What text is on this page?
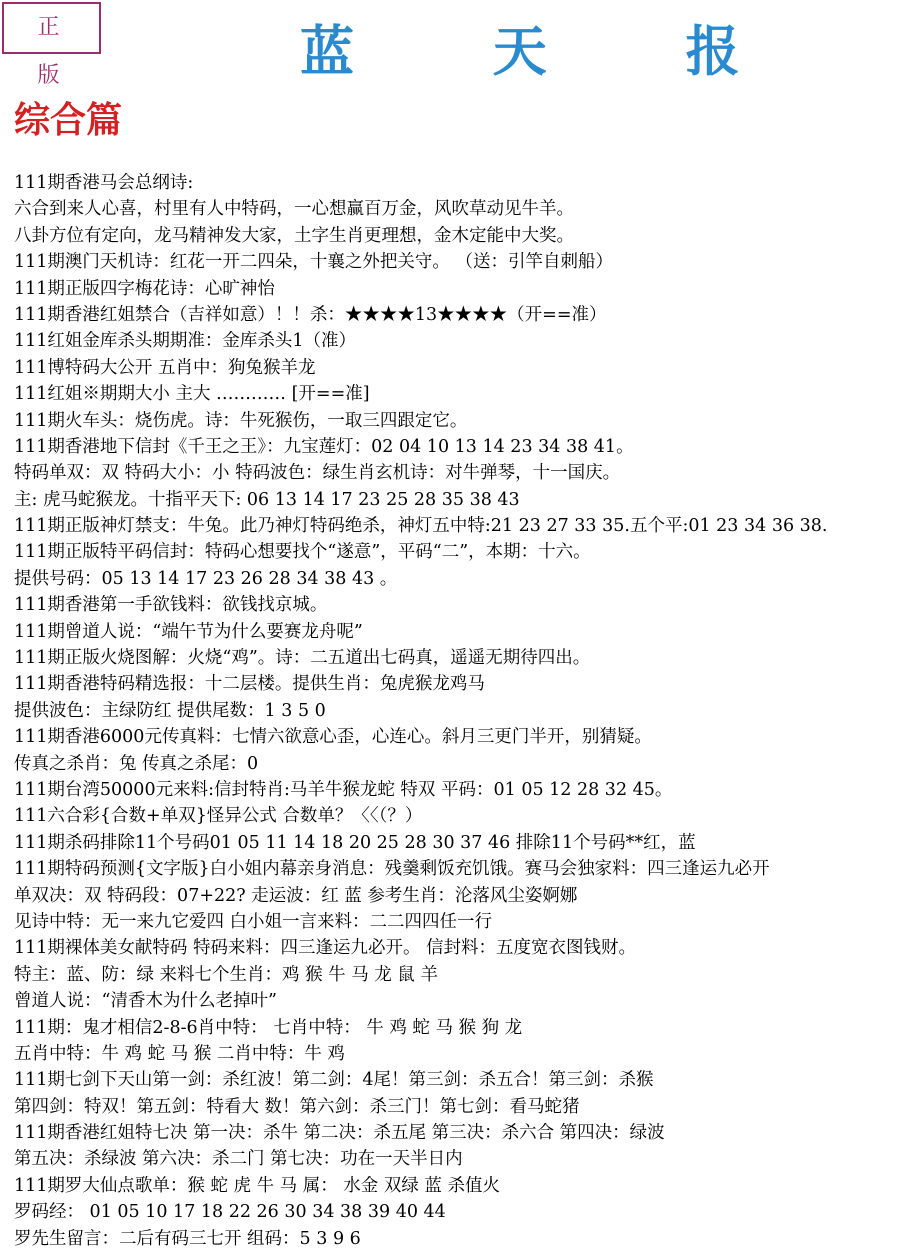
正 版	蓝 天 报
综合篇
111期香港马会总纲诗:
六合到来人心喜，村里有人中特码，一心想赢百万金，风吹草动见牛羊。
八卦方位有定向，龙马精神发大家，土字生肖更理想，金木定能中大奖。
111期澳门天机诗：红花一开二四朵，十襄之外把关守。 （送：引竿自刺船）
111期正版四字梅花诗：心旷神怡
111期香港红姐禁合（吉祥如意）！！杀：★★★★13★★★★（开==准）
111红姐金库杀头期期准：金库杀头1（准）
111博特码大公开 五肖中：狗兔猴羊龙
111红姐※期期大小 主大 ………… [开==准]
111期火车头：烧伤虎。诗：牛死猴伤，一取三四跟定它。
111期香港地下信封《千王之王》：九宝莲灯：02 04 10 13 14 23 34 38 41。
特码单双：双 特码大小：小 特码波色：绿生肖玄机诗：对牛弹琴，十一国庆。
主: 虎马蛇猴龙。十指平天下: 06 13 14 17 23 25 28 35 38 43
111期正版神灯禁支：牛兔。此乃神灯特码绝杀，神灯五中特:21 23 27 33 35.五个平:01 23 34 36 38.
111期正版特平码信封：特码心想要找个“遂意”，平码“二”，本期：十六。
提供号码：05 13 14 17 23 26 28 34 38 43 。
111期香港第一手欲钱料：欲钱找京城。
111期曾道人说：“端午节为什么要赛龙舟呢”
111期正版火烧图解：火烧“鸡”。诗：二五道出七码真，遥遥无期待四出。
111期香港特码精选报：十二层楼。提供生肖：兔虎猴龙鸡马
提供波色：主绿防红 提供尾数：1 3 5 0
111期香港6000元传真料：七情六欲意心歪，心连心。斜月三更门半开，别猜疑。
传真之杀肖：兔 传真之杀尾：0
111期台湾50000元来料:信封特肖:马羊牛猴龙蛇 特双 平码：01 05 12 28 32 45。
111六合彩{合数+单双}怪异公式 合数单？〈〈（？）
111期杀码排除11个号码01 05 11 14 18 20 25 28 30 37 46 排除11个号码**红，蓝
111期特码预测{文字版}白小姐内幕亲身消息：残羹剩饭充饥饿。赛马会独家料：四三逢运九必开
单双决：双 特码段：07+22? 走运波：红 蓝 参考生肖：沦落风尘姿婀娜
见诗中特：无一来九它爱四 白小姐一言来料：二二四四任一行
111期裸体美女献特码 特码来料：四三逢运九必开。 信封料：五度宽衣图钱财。
特主：蓝、防：绿 来料七个生肖：鸡 猴 牛 马 龙 鼠 羊
曾道人说：“清香木为什么老掉叶”
111期：鬼才相信2-8-6肖中特： 七肖中特： 牛 鸡 蛇 马 猴 狗 龙
五肖中特：牛 鸡 蛇 马 猴 二肖中特：牛 鸡
111期七剑下天山第一剑：杀红波！第二剑：4尾！第三剑：杀五合！第三剑：杀猴
第四剑：特双！第五剑：特看大 数！第六剑：杀三门！第七剑：看马蛇猪
111期香港红姐特七决 第一决：杀牛 第二决：杀五尾 第三决：杀六合 第四决：绿波
第五决：杀绿波 第六决：杀二门 第七决：功在一天半日内
111期罗大仙点歌单：猴 蛇 虎 牛 马 属： 水金 双绿 蓝 杀值火
罗码经： 01 05 10 17 18 22 26 30 34 38 39 40 44
罗先生留言：二后有码三七开 组码：5 3 9 6
